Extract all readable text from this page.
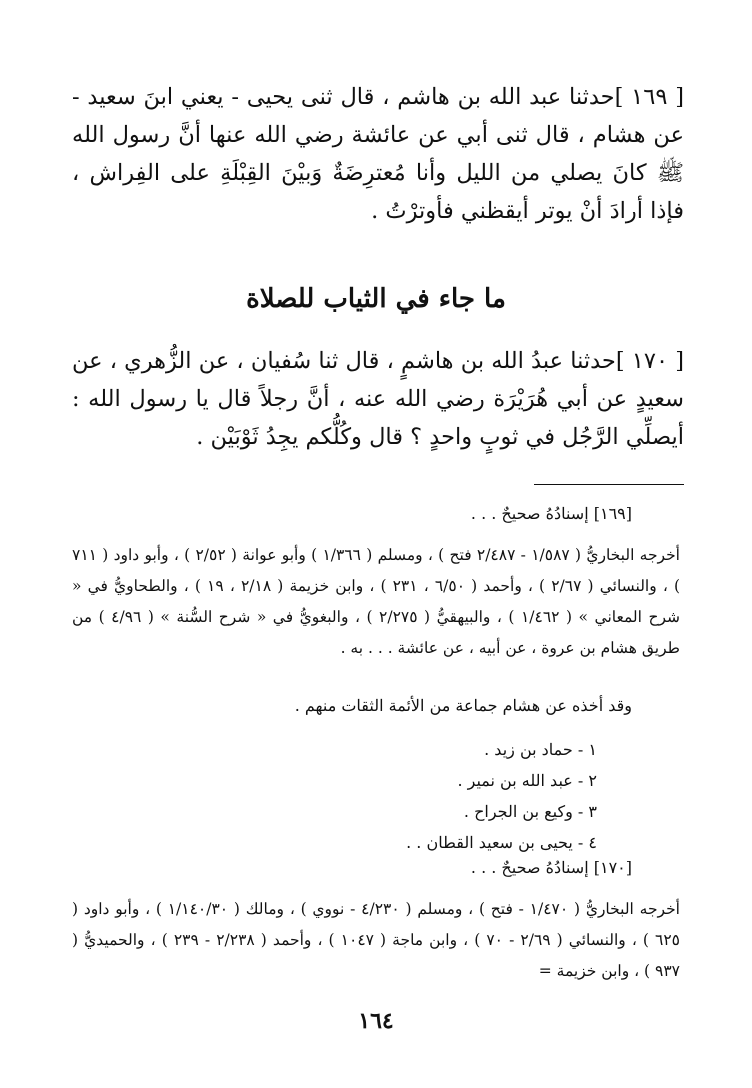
[ ١٦٩ ]حدثنا عبد الله بن هاشم ، قال ثنى يحيى - يعني ابنَ سعيد - عن هشام ، قال ثنى أبي عن عائشة رضي الله عنها أنَّ رسول الله ﷺ كانَ يصلي من الليل وأنا مُعترِضَةٌ وَبيْنَ القِبْلَةِ على الفِراش ، فإذا أرادَ أنْ يوتر أيقظني فأوترْتُ .
ما جاء في الثياب للصلاة
[ ١٧٠ ]حدثنا عبدُ الله بن هاشمٍ ، قال ثنا سُفيان ، عن الزُّهري ، عن سعيدٍ عن أبي هُرَيْرَة رضي الله عنه ، أنَّ رجلاً قال يا رسول الله : أيصلِّي الرَّجُل في ثوبٍ واحدٍ ؟ قال وكُلُّكم يجِدُ ثَوْبَيْن .
[١٦٩] إسنادُهُ صحيحٌ . . .
أخرجه البخاريُّ ( ١/٥٨٧ - ٢/٤٨٧ فتح ) ، ومسلم ( ١/٣٦٦ ) وأبو عوانة ( ٢/٥٢ ) ، وأبو داود ( ٧١١ ) ، والنسائي ( ٢/٦٧ ) ، وأحمد ( ٦/٥٠ ، ٢٣١ ) ، وابن خزيمة ( ٢/١٨ ، ١٩ ) ، والطحاويُّ في « شرح المعاني » ( ١/٤٦٢ ) ، والبيهقيُّ ( ٢/٢٧٥ ) ، والبغويُّ في « شرح السُّنة » ( ٤/٩٦ ) من طريق هشام بن عروة ، عن أبيه ، عن عائشة . . . به .
وقد أخذه عن هشام جماعة من الأئمة الثقات منهم .
١ - حماد بن زيد .
٢ - عبد الله بن نمير .
٣ - وكيع بن الجراح .
٤ - يحيى بن سعيد القطان . .
[١٧٠] إسنادُهُ صحيحٌ . . .
أخرجه البخاريُّ ( ١/٤٧٠ - فتح ) ، ومسلم ( ٤/٢٣٠ - نووي ) ، ومالك ( ١/١٤٠/٣٠ ) ، وأبو داود ( ٦٢٥ ) ، والنسائي ( ٢/٦٩ - ٧٠ ) ، وابن ماجة ( ١٠٤٧ ) ، وأحمد ( ٢/٢٣٨ - ٢٣٩ ) ، والحميديُّ ( ٩٣٧ ) ، وابن خزيمة =
١٦٤
